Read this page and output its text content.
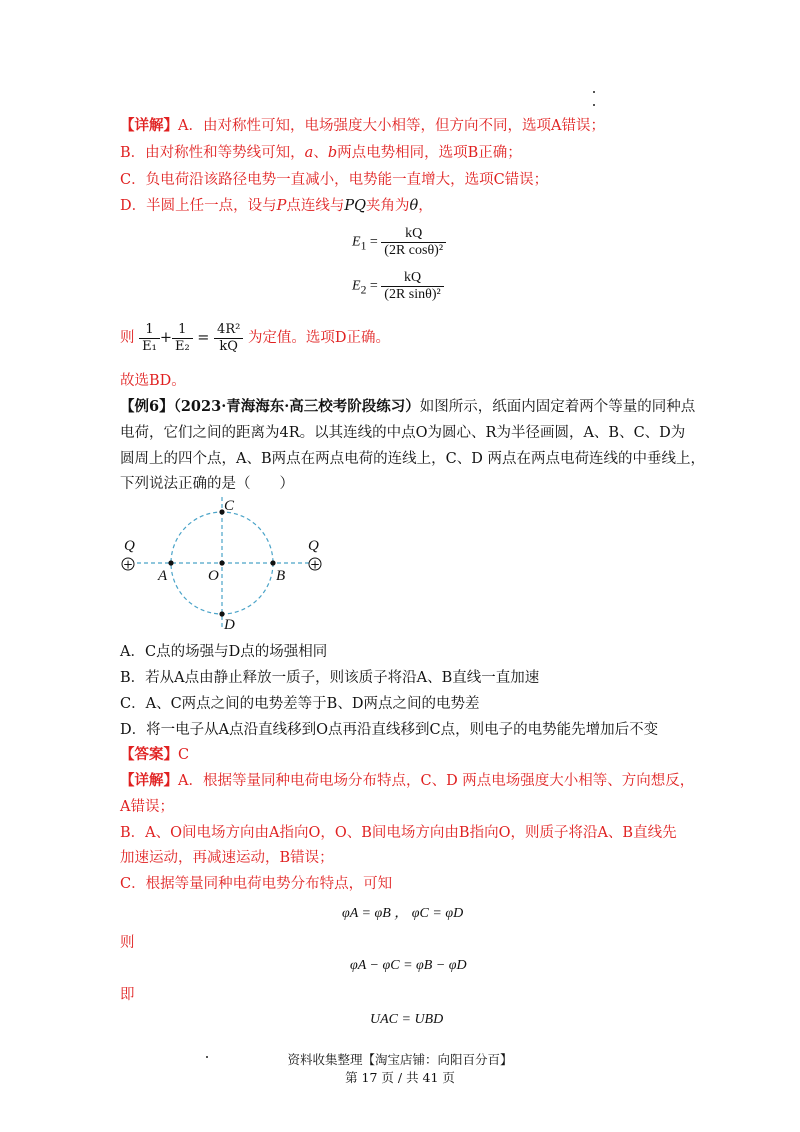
【详解】A．由对称性可知，电场强度大小相等，但方向不同，选项A错误；
B．由对称性和等势线可知，a、b两点电势相同，选项B正确；
C．负电荷沿该路径电势一直减小，电势能一直增大，选项C错误；
D．半圆上任一点，设与P点连线与PQ夹角为θ，
$E_1 = \frac{kQ}{\text{(2R cosθ)²}}$
$E_2 = \frac{kQ}{\text{(2R sinθ)²}}$
则 $\frac{1}{\text{E₁}} + \frac{1}{\text{E₂}} = \frac{\text{4R²}}{kQ}$ 为定值。选项D正确。
故选BD。
【例6】（2023·青海海东·高三校考阶段练习）如图所示，纸面内固定着两个等量的同种点
电荷，它们之间的距离为4R。以其连线的中点O为圆心、R为半径画圆，A、B、C、D为
圆周上的四个点，A、B两点在两点电荷的连线上，C、D 两点在两点电荷连线的中垂线上，
下列说法正确的是（　　）
+	+
Q	Q
A	O	B
C
D
A．C点的场强与D点的场强相同
B．若从A点由静止释放一质子，则该质子将沿A、B直线一直加速
C．A、C两点之间的电势差等于B、D两点之间的电势差
D．将一电子从A点沿直线移到O点再沿直线移到C点，则电子的电势能先增加后不变
【答案】C
【详解】A．根据等量同种电荷电场分布特点，C、D 两点电场强度大小相等、方向想反，
A错误；
B．A、O间电场方向由A指向O，O、B间电场方向由B指向O，则质子将沿A、B直线先
加速运动，再减速运动，B错误；
C．根据等量同种电荷电势分布特点，可知
φA = φB ， φC = φD
则
φA − φC = φB − φD
即
UAC = UBD
资料收集整理【淘宝店铺：向阳百分百】
第 17 页 / 共 41 页
